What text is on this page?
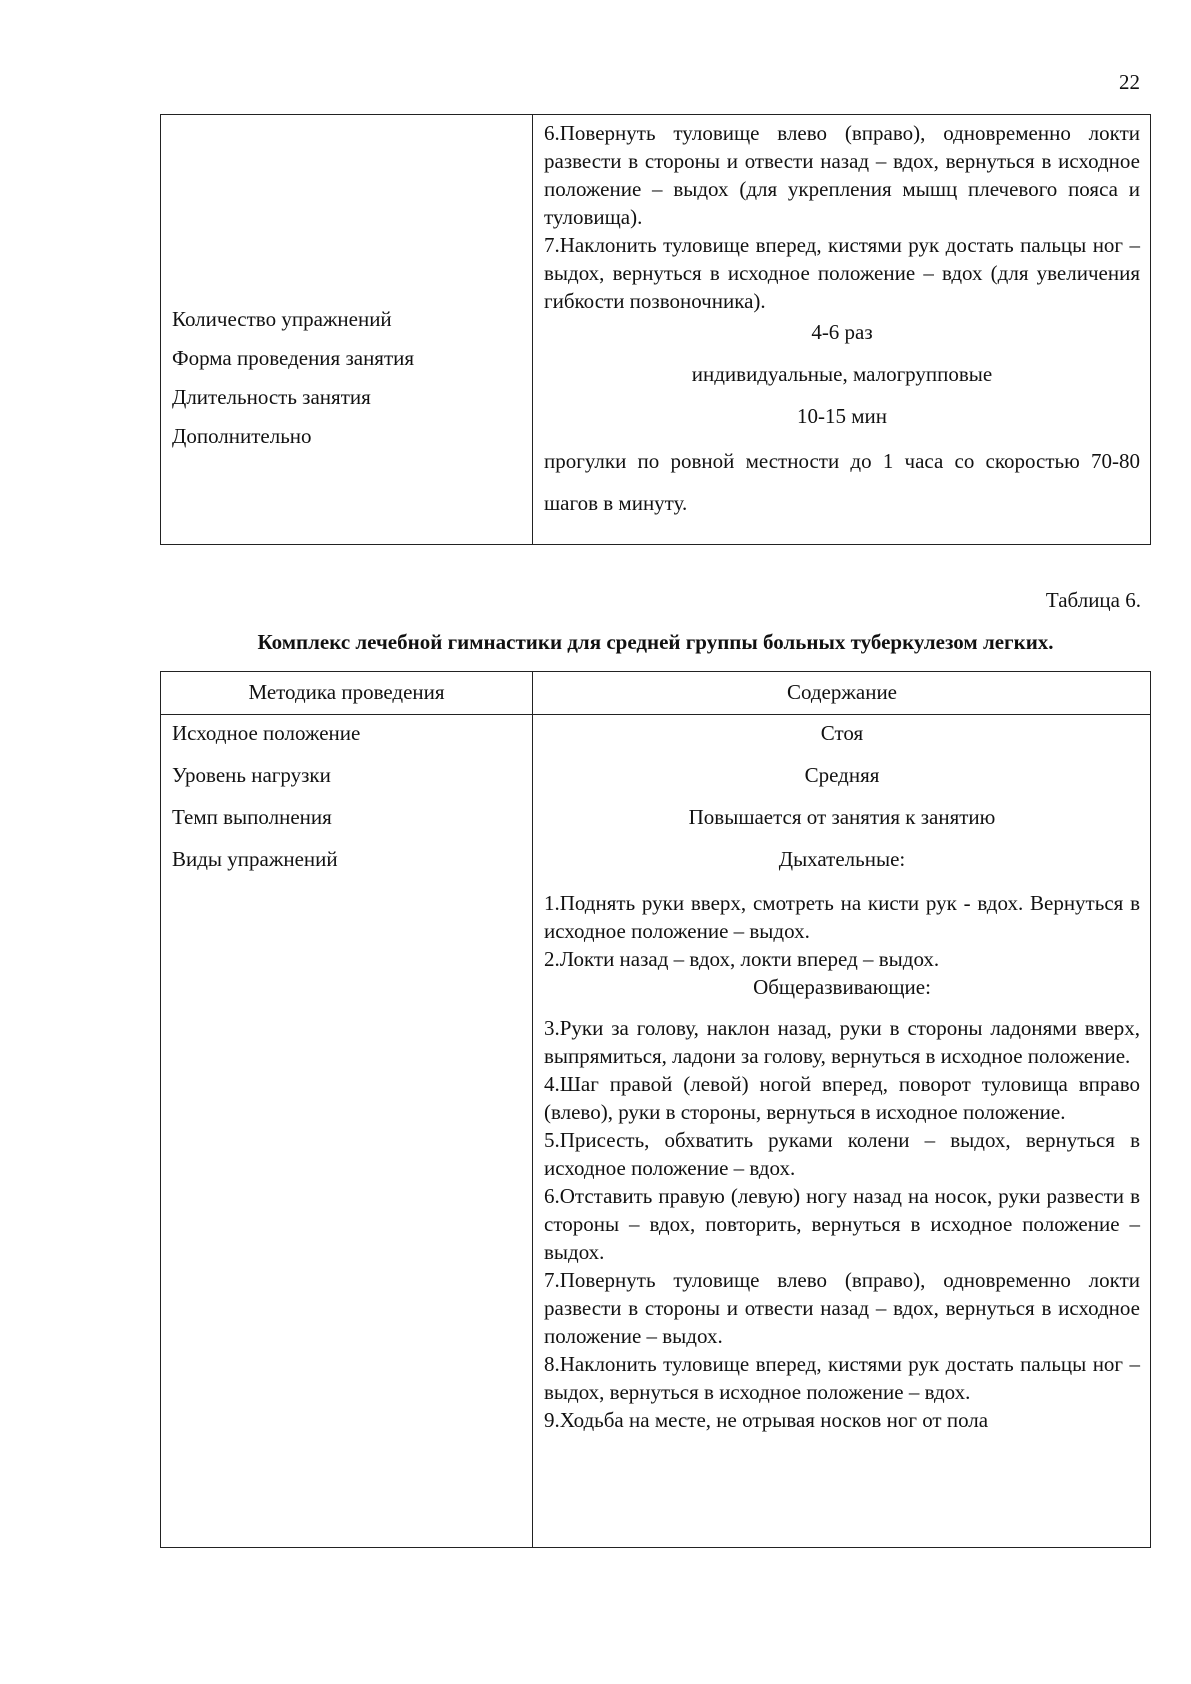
22

6.Повернуть туловище влево (вправо), одновременно локти развести в стороны и отвести назад – вдох, вернуться в исходное положение – выдох (для укрепления мышц плечевого пояса и туловища).

7.Наклонить туловище вперед, кистями рук достать пальцы ног – выдох, вернуться в исходное положение – вдох (для увеличения гибкости позвоночника).

Количество упражнений
Форма проведения занятия
Длительность занятия
Дополнительно
4-6 раз
индивидуальные, малогрупповые
10-15 мин
прогулки по ровной местности до 1 часа со скоростью 70-80 шагов в минуту.
Таблица 6.
Комплекс лечебной гимнастики для средней группы больных туберкулезом легких.
Методика проведения	Содержание
Исходное положение
Уровень нагрузки
Темп выполнения
Виды упражнений
Стоя
Средняя
Повышается от занятия к занятию
Дыхательные:

1.Поднять руки вверх, смотреть на кисти рук - вдох. Вернуться в исходное положение – выдох.

2.Локти назад – вдох, локти вперед – выдох.

Общеразвивающие:

3.Руки за голову, наклон назад, руки в стороны ладонями вверх, выпрямиться, ладони за голову, вернуться в исходное положение.

4.Шаг правой (левой) ногой вперед, поворот туловища вправо (влево), руки в стороны, вернуться в исходное положение.

5.Присесть, обхватить руками колени – выдох, вернуться в исходное положение – вдох.

6.Отставить правую (левую) ногу назад на носок, руки развести в стороны – вдох, повторить, вернуться в исходное положение – выдох.

7.Повернуть туловище влево (вправо), одновременно локти развести в стороны и отвести назад – вдох, вернуться в исходное положение – выдох.

8.Наклонить туловище вперед, кистями рук достать пальцы ног – выдох, вернуться в исходное положение – вдох.

9.Ходьба на месте, не отрывая носков ног от пола
